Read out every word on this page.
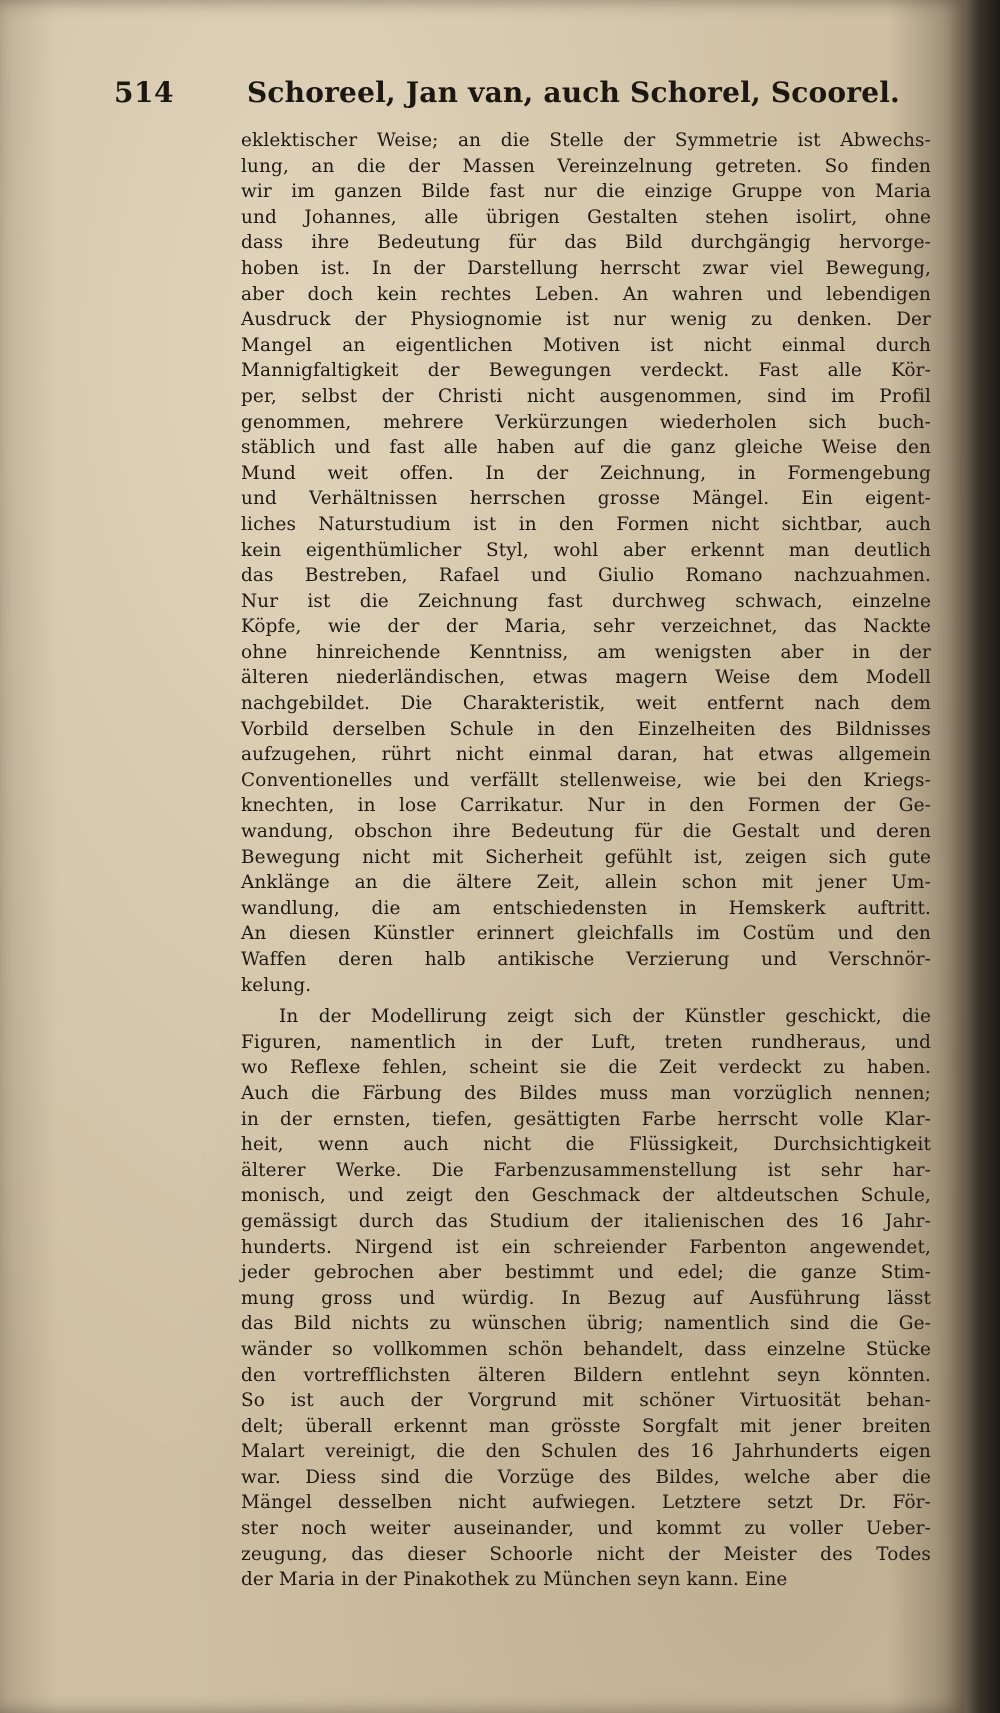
514	Schoreel, Jan van, auch Schorel, Scoorel.
eklektischer Weise; an die Stelle der Symmetrie ist Abwechs-
lung, an die der Massen Vereinzelnung getreten. So finden
wir im ganzen Bilde fast nur die einzige Gruppe von Maria
und Johannes, alle übrigen Gestalten stehen isolirt, ohne
dass ihre Bedeutung für das Bild durchgängig hervorge-
hoben ist. In der Darstellung herrscht zwar viel Bewegung,
aber doch kein rechtes Leben. An wahren und lebendigen
Ausdruck der Physiognomie ist nur wenig zu denken. Der
Mangel an eigentlichen Motiven ist nicht einmal durch
Mannigfaltigkeit der Bewegungen verdeckt. Fast alle Kör-
per, selbst der Christi nicht ausgenommen, sind im Profil
genommen, mehrere Verkürzungen wiederholen sich buch-
stäblich und fast alle haben auf die ganz gleiche Weise den
Mund weit offen. In der Zeichnung, in Formengebung
und Verhältnissen herrschen grosse Mängel. Ein eigent-
liches Naturstudium ist in den Formen nicht sichtbar, auch
kein eigenthümlicher Styl, wohl aber erkennt man deutlich
das Bestreben, Rafael und Giulio Romano nachzuahmen.
Nur ist die Zeichnung fast durchweg schwach, einzelne
Köpfe, wie der der Maria, sehr verzeichnet, das Nackte
ohne hinreichende Kenntniss, am wenigsten aber in der
älteren niederländischen, etwas magern Weise dem Modell
nachgebildet. Die Charakteristik, weit entfernt nach dem
Vorbild derselben Schule in den Einzelheiten des Bildnisses
aufzugehen, rührt nicht einmal daran, hat etwas allgemein
Conventionelles und verfällt stellenweise, wie bei den Kriegs-
knechten, in lose Carrikatur. Nur in den Formen der Ge-
wandung, obschon ihre Bedeutung für die Gestalt und deren
Bewegung nicht mit Sicherheit gefühlt ist, zeigen sich gute
Anklänge an die ältere Zeit, allein schon mit jener Um-
wandlung, die am entschiedensten in Hemskerk auftritt.
An diesen Künstler erinnert gleichfalls im Costüm und den
Waffen deren halb antikische Verzierung und Verschnör-
kelung.
In der Modellirung zeigt sich der Künstler geschickt, die
Figuren, namentlich in der Luft, treten rundheraus, und
wo Reflexe fehlen, scheint sie die Zeit verdeckt zu haben.
Auch die Färbung des Bildes muss man vorzüglich nennen;
in der ernsten, tiefen, gesättigten Farbe herrscht volle Klar-
heit, wenn auch nicht die Flüssigkeit, Durchsichtigkeit
älterer Werke. Die Farbenzusammenstellung ist sehr har-
monisch, und zeigt den Geschmack der altdeutschen Schule,
gemässigt durch das Studium der italienischen des 16 Jahr-
hunderts. Nirgend ist ein schreiender Farbenton angewendet,
jeder gebrochen aber bestimmt und edel; die ganze Stim-
mung gross und würdig. In Bezug auf Ausführung lässt
das Bild nichts zu wünschen übrig; namentlich sind die Ge-
wänder so vollkommen schön behandelt, dass einzelne Stücke
den vortrefflichsten älteren Bildern entlehnt seyn könnten.
So ist auch der Vorgrund mit schöner Virtuosität behan-
delt; überall erkennt man grösste Sorgfalt mit jener breiten
Malart vereinigt, die den Schulen des 16 Jahrhunderts eigen
war. Diess sind die Vorzüge des Bildes, welche aber die
Mängel desselben nicht aufwiegen. Letztere setzt Dr. För-
ster noch weiter auseinander, und kommt zu voller Ueber-
zeugung, das dieser Schoorle nicht der Meister des Todes
der Maria in der Pinakothek zu München seyn kann. Eine
